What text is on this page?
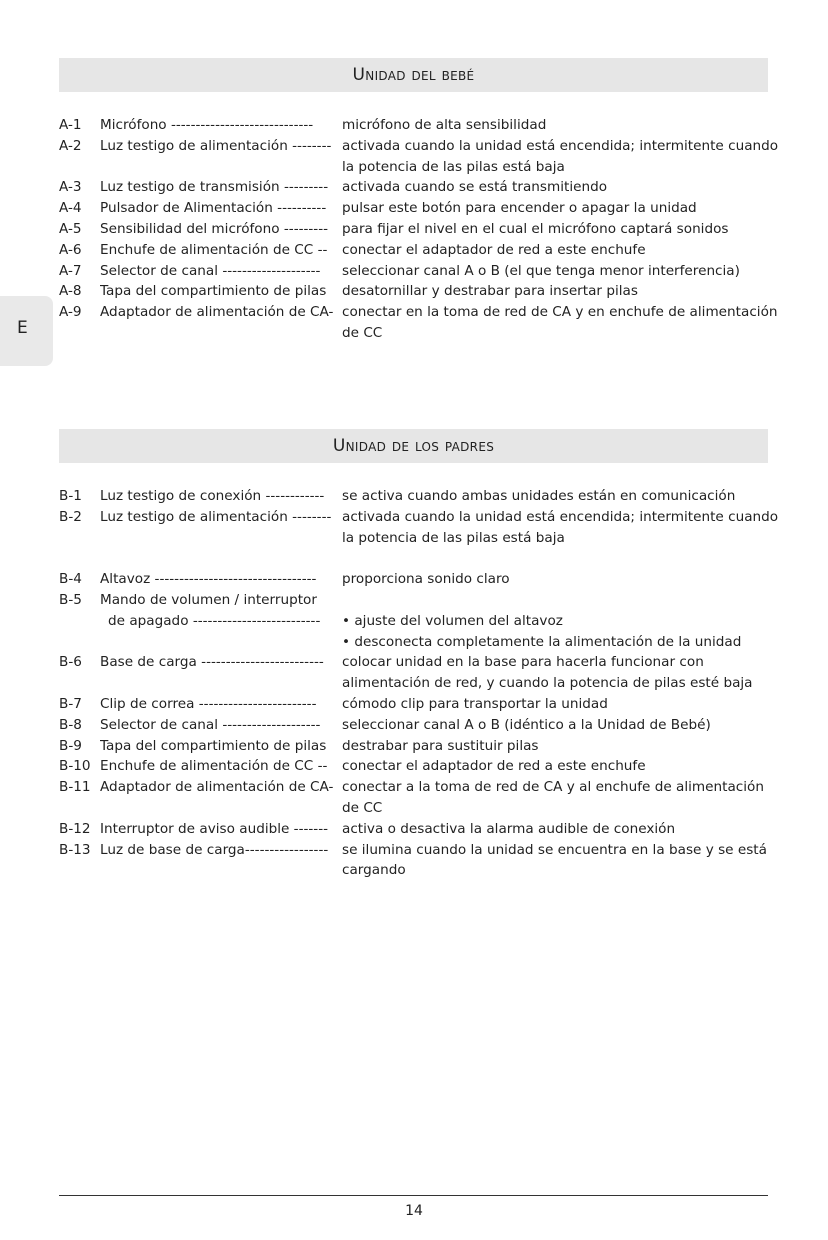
E
Unidad del bebé
A-1	Micrófono -----------------------------	micrófono de alta sensibilidad
A-2	Luz testigo de alimentación -------- activada cuando la unidad está encendida; intermitente cuando
la potencia de las pilas está baja
A-3	Luz testigo de transmisión ---------	activada cuando se está transmitiendo
A-4	Pulsador de Alimentación ----------	pulsar este botón para encender o apagar la unidad
A-5	Sensibilidad del micrófono ---------	para fijar el nivel en el cual el micrófono captará sonidos
A-6	Enchufe de alimentación de CC --	conectar el adaptador de red a este enchufe
A-7	Selector de canal --------------------	seleccionar canal A o B (el que tenga menor interferencia)
A-8	Tapa del compartimiento de pilas	desatornillar y destrabar para insertar pilas
A-9	Adaptador de alimentación de CA- conectar en la toma de red de CA y en enchufe de alimentación
de CC
Unidad de los padres
B-1	Luz testigo de conexión ------------	se activa cuando ambas unidades están en comunicación
B-2	Luz testigo de alimentación -------- activada cuando la unidad está encendida; intermitente cuando
la potencia de las pilas está baja
B-4	Altavoz ---------------------------------	proporciona sonido claro
B-5	Mando de volumen / interruptor
de apagado --------------------------
	• ajuste del volumen del altavoz
• desconecta completamente la alimentación de la unidad
B-6	Base de carga -------------------------	colocar unidad en la base para hacerla funcionar con
alimentación de red, y cuando la potencia de pilas esté baja
B-7	Clip de correa ------------------------	cómodo clip para transportar la unidad
B-8	Selector de canal --------------------	seleccionar canal A o B (idéntico a la Unidad de Bebé)
B-9	Tapa del compartimiento de pilas	destrabar para sustituir pilas
B-10 Enchufe de alimentación de CC --	conectar el adaptador de red a este enchufe
B-11 Adaptador de alimentación de CA- conectar a la toma de red de CA y al enchufe de alimentación
de CC
B-12 Interruptor de aviso audible -------	activa o desactiva la alarma audible de conexión
B-13 Luz de base de carga-----------------	se ilumina cuando la unidad se encuentra en la base y se está
cargando
14
